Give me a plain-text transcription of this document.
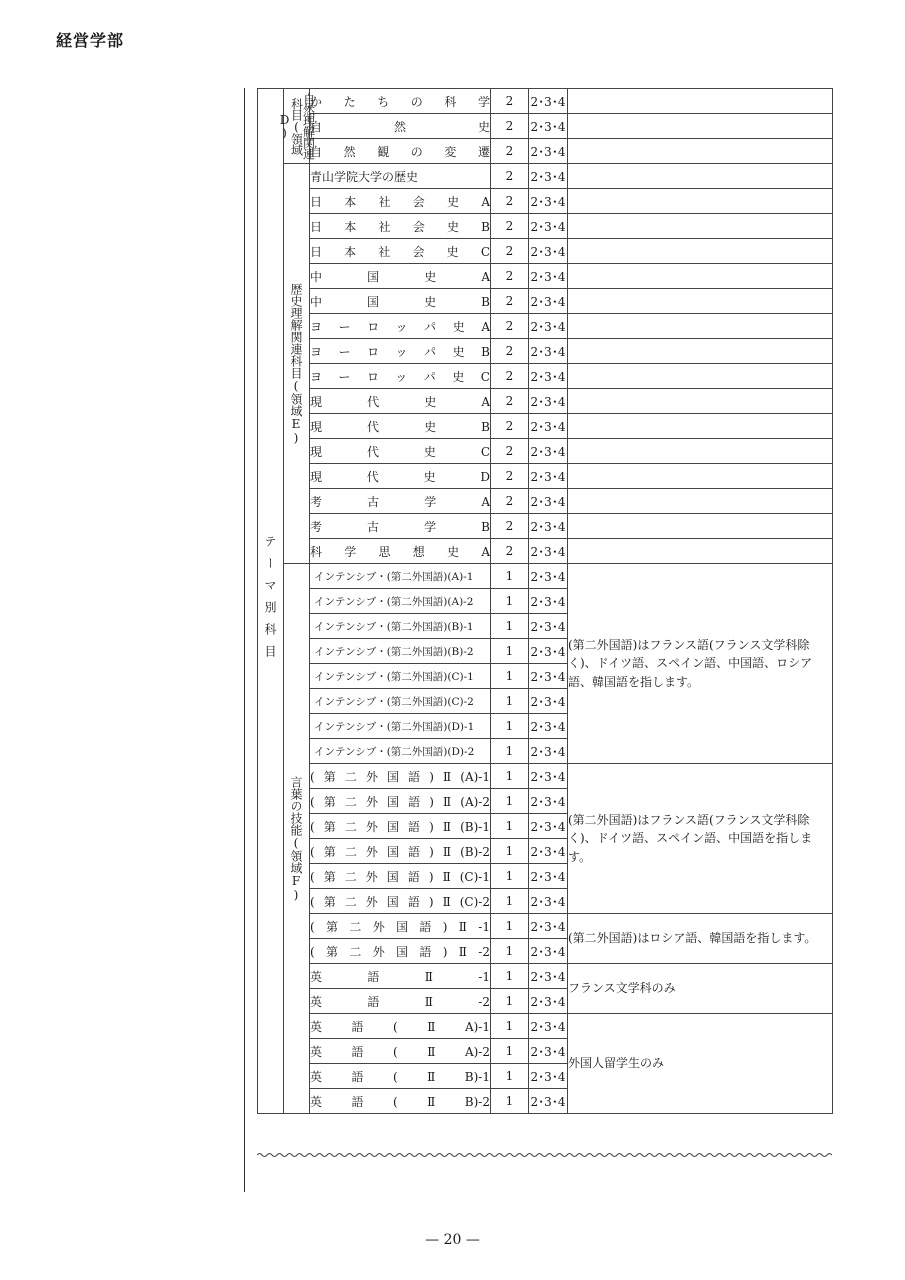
経営学部
テーマ別科目	自然理解関連科目(領域D)	かたちの科学	2	2･3･4	

		自然史	2	2･3･4	

		自然観の変遷	2	2･3･4	
	歴史理解関連科目(領域E)	青山学院大学の歴史	2	2･3･4	

		日本社会史A	2	2･3･4	

		日本社会史B	2	2･3･4	

		日本社会史C	2	2･3･4	

		中国史A	2	2･3･4	

		中国史B	2	2･3･4	

		ヨーロッパ史A	2	2･3･4	

		ヨーロッパ史B	2	2･3･4	

		ヨーロッパ史C	2	2･3･4	

		現代史A	2	2･3･4	

		現代史B	2	2･3･4	

		現代史C	2	2･3･4	

		現代史D	2	2･3･4	

		考古学A	2	2･3･4	

		考古学B	2	2･3･4	

		科学思想史A	2	2･3･4	
	言葉の技能(領域F)	インテンシブ・(第二外国語)(A)-1	1	2･3･4	(第二外国語)はフランス語(フランス文学科除く)、ドイツ語、スペイン語、中国語、ロシア語、韓国語を指します。
		インテンシブ・(第二外国語)(A)-2	1	2･3･4	
		インテンシブ・(第二外国語)(B)-1	1	2･3･4	
		インテンシブ・(第二外国語)(B)-2	1	2･3･4	
		インテンシブ・(第二外国語)(C)-1	1	2･3･4	
		インテンシブ・(第二外国語)(C)-2	1	2･3･4	
		インテンシブ・(第二外国語)(D)-1	1	2･3･4	
		インテンシブ・(第二外国語)(D)-2	1	2･3･4	

		(第二外国語)Ⅱ(A)-1	1	2･3･4	(第二外国語)はフランス語(フランス文学科除く)、ドイツ語、スペイン語、中国語を指します。

		(第二外国語)Ⅱ(A)-2	1	2･3･4	

		(第二外国語)Ⅱ(B)-1	1	2･3･4	

		(第二外国語)Ⅱ(B)-2	1	2･3･4	

		(第二外国語)Ⅱ(C)-1	1	2･3･4	

		(第二外国語)Ⅱ(C)-2	1	2･3･4	

		(第二外国語)Ⅱ-1	1	2･3･4	(第二外国語)はロシア語、韓国語を指します。

		(第二外国語)Ⅱ-2	1	2･3･4	

		英語Ⅱ-1	1	2･3･4	フランス文学科のみ

		英語Ⅱ-2	1	2･3･4	

		英語(ⅡA)-1	1	2･3･4	外国人留学生のみ

		英語(ⅡA)-2	1	2･3･4	

		英語(ⅡB)-1	1	2･3･4	

		英語(ⅡB)-2	1	2･3･4	
— 20 —
